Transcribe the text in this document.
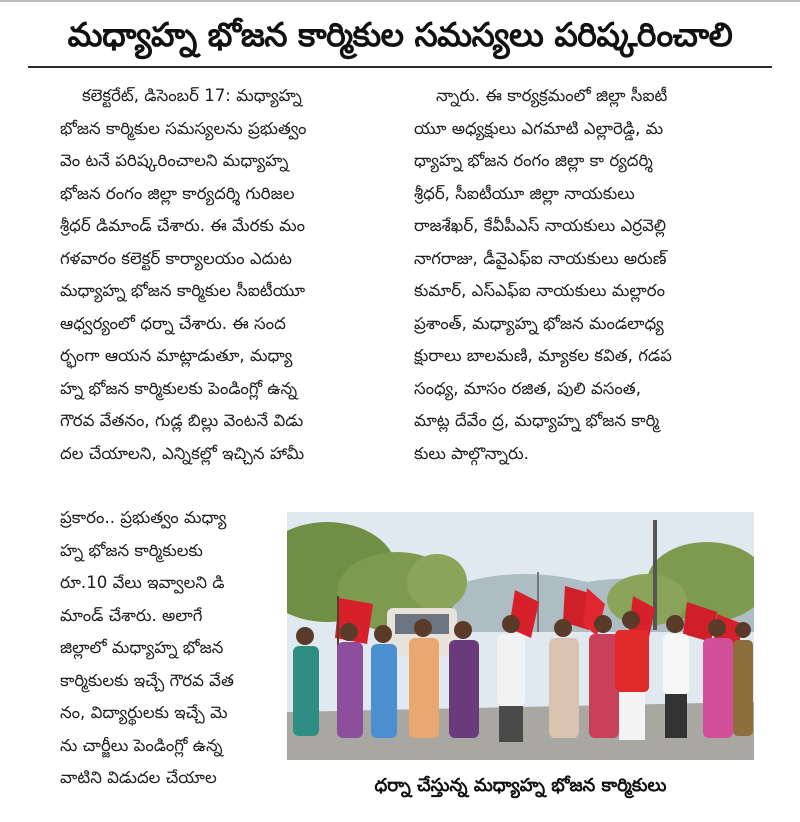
మధ్యాహ్న భోజన కార్మికుల సమస్యలు పరిష్కరించాలి
కలెక్టరేట్, డిసెంబర్ 17: మధ్యాహ్న
భోజన కార్మికుల సమస్యలను ప్రభుత్వం
వెం టనే పరిష్కరించాలని మధ్యాహ్న
భోజన రంగం జిల్లా కార్యదర్శి గురిజల
శ్రీధర్ డిమాండ్ చేశారు. ఈ మేరకు మం
గళవారం కలెక్టర్ కార్యాలయం ఎదుట
మధ్యాహ్న భోజన కార్మికుల సీఐటీయూ
ఆధ్వర్యంలో ధర్నా చేశారు. ఈ సంద
ర్భంగా ఆయన మాట్లాడుతూ, మధ్యా
హ్న భోజన కార్మికులకు పెండింగ్లో ఉన్న
గౌరవ వేతనం, గుడ్ల బిల్లు వెంటనే విడు
దల చేయాలని, ఎన్నికల్లో ఇచ్చిన హామీ
ప్రకారం.. ప్రభుత్వం మధ్యా
హ్న భోజన కార్మికులకు
రూ.10 వేలు ఇవ్వాలని డి
మాండ్ చేశారు. అలాగే
జిల్లాలో మధ్యాహ్న భోజన
కార్మికులకు ఇచ్చే గౌరవ వేత
నం, విద్యార్థులకు ఇచ్చే మె
ను చార్జీలు పెండింగ్లో ఉన్న
వాటిని విడుదల చేయాల
న్నారు. ఈ కార్యక్రమంలో జిల్లా సీఐటీ
యూ అధ్యక్షులు ఎగమాటి ఎల్లారెడ్డి, మ
ధ్యాహ్న భోజన రంగం జిల్లా కా ర్యదర్శి
శ్రీధర్, సీఐటీయూ జిల్లా నాయకులు
రాజశేఖర్, కేవీపీఎస్ నాయకులు ఎర్రవెల్లి
నాగరాజు, డీవైఎఫ్ఐ నాయకులు అరుణ్
కుమార్, ఎస్ఎఫ్ఐ నాయకులు మల్లారం
ప్రశాంత్, మధ్యాహ్న భోజన మండలాధ్య
క్షురాలు బాలమణి, మ్యాకల కవిత, గడప
సంధ్య, మాసం రజిత, పులి వసంత,
మాట్ల దేవేం ద్ర, మధ్యాహ్న భోజన కార్మి
కులు పాల్గొన్నారు.
ధర్నా చేస్తున్న మధ్యాహ్న భోజన కార్మికులు
